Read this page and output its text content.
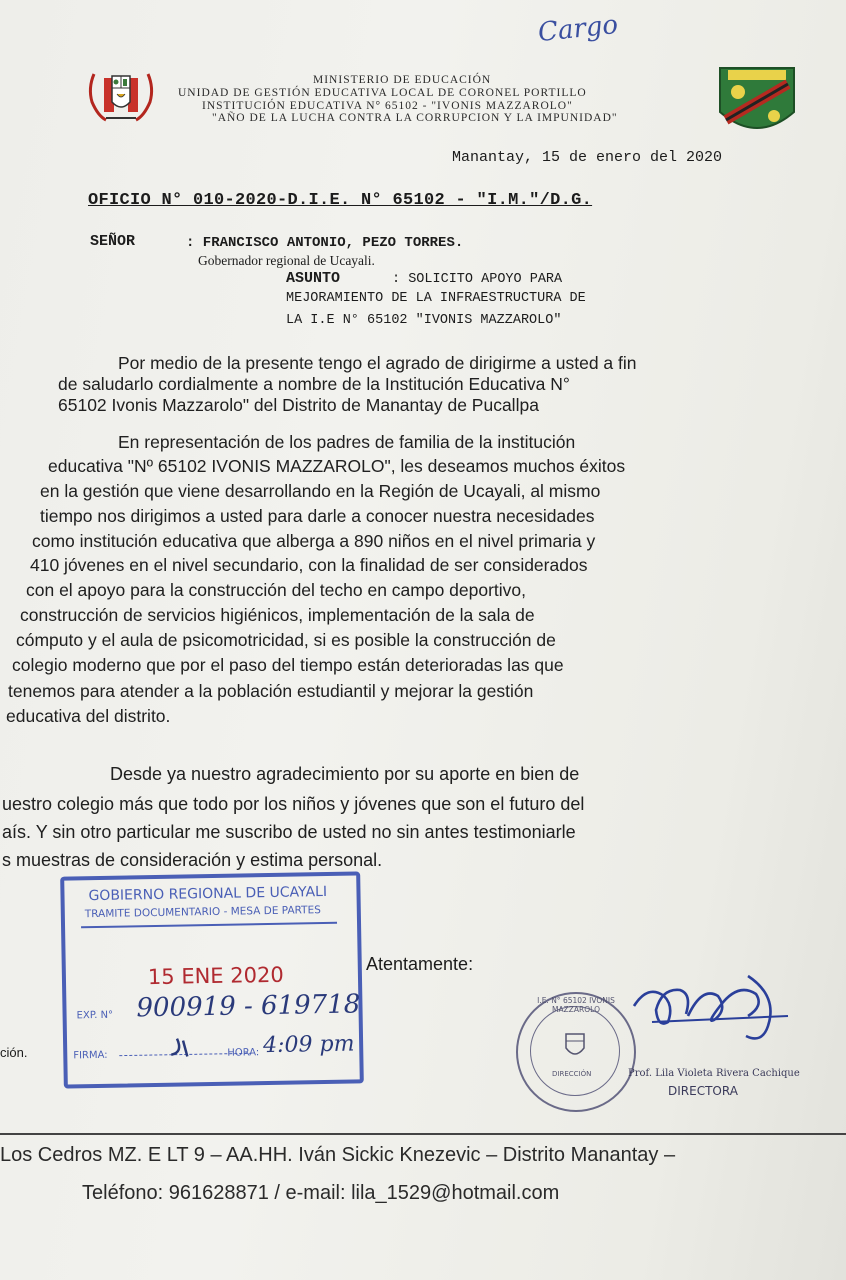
Cargo
MINISTERIO DE EDUCACIÓN
UNIDAD DE GESTIÓN EDUCATIVA LOCAL DE CORONEL PORTILLO
INSTITUCIÓN EDUCATIVA N° 65102 - "IVONIS MAZZAROLO"
"AÑO DE LA LUCHA CONTRA LA CORRUPCION Y LA IMPUNIDAD"
Manantay, 15 de enero del 2020
OFICIO N° 010-2020-D.I.E. N° 65102 - "I.M."/D.G.
SEÑOR	: FRANCISCO ANTONIO, PEZO TORRES.
Gobernador regional de Ucayali.
ASUNTO	: SOLICITO APOYO PARA
MEJORAMIENTO DE LA INFRAESTRUCTURA DE
LA I.E N° 65102 "IVONIS MAZZAROLO"
Por medio de la presente tengo el agrado de dirigirme a usted a fin
de saludarlo cordialmente a nombre de la Institución Educativa N°
65102 Ivonis Mazzarolo" del Distrito de Manantay de Pucallpa
En representación de los padres de familia de la institución
educativa "Nº 65102 IVONIS MAZZAROLO", les deseamos muchos éxitos
en la gestión que viene desarrollando en la Región de Ucayali, al mismo
tiempo nos dirigimos a usted para darle a conocer nuestra necesidades
como institución educativa que alberga a 890 niños en el nivel primaria y
410 jóvenes en el nivel secundario, con la finalidad de ser considerados
con el apoyo para la construcción del techo en campo deportivo,
construcción de servicios higiénicos, implementación de la sala de
cómputo y el aula de psicomotricidad, si es posible la construcción de
colegio moderno que por el paso del tiempo están deterioradas las que
tenemos para atender a la población estudiantil y mejorar la gestión
educativa del distrito.
Desde ya nuestro agradecimiento por su aporte en bien de
uestro colegio más que todo por los niños y jóvenes que son el futuro del
aís. Y sin otro particular me suscribo de usted no sin antes testimoniarle
s muestras de consideración y estima personal.
GOBIERNO REGIONAL DE UCAYALI
TRAMITE DOCUMENTARIO - MESA DE PARTES
15 ENE 2020
EXP. N° 900919 - 619718
FIRMA:	HORA: 4:09 pm
ción.
Atentamente:
I.E. N° 65102 IVONIS MAZZAROLO
DIRECCIÓN	Prof. Lila Violeta Rivera Cachique
DIRECTORA
Los Cedros MZ. E LT 9 – AA.HH. Iván Sickic Knezevic – Distrito Manantay –
Teléfono: 961628871 / e-mail: lila_1529@hotmail.com
